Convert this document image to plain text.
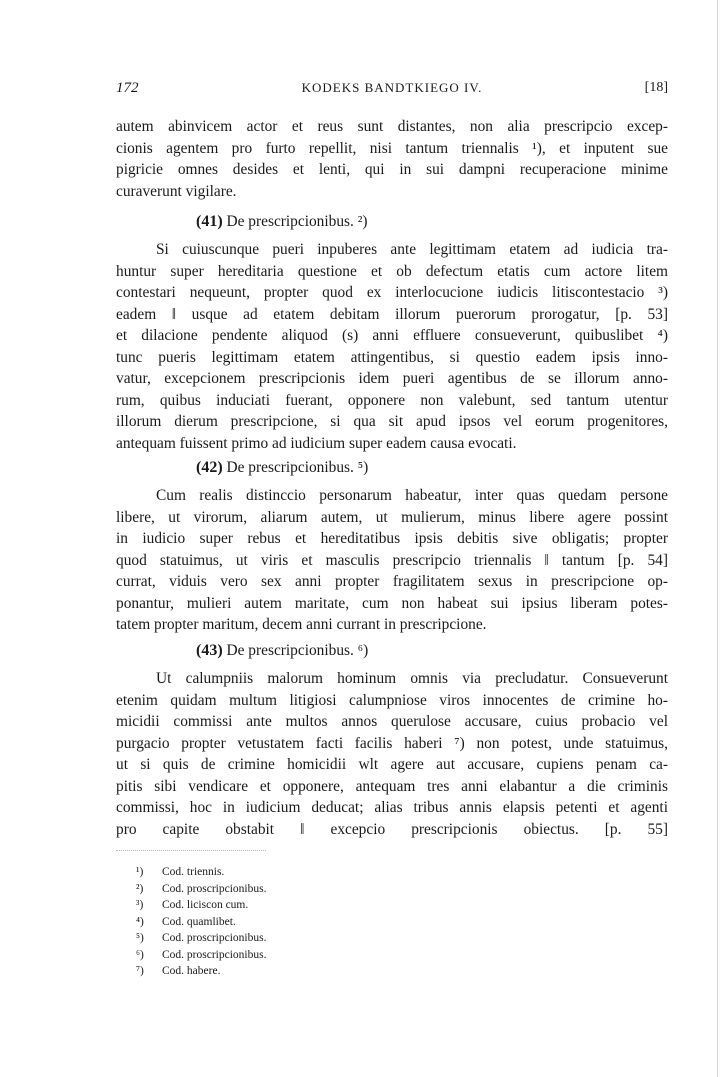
172	KODEKS BANDTKIEGO IV.	[18]
autem abinvicem actor et reus sunt distantes, non alia prescripcio excep-
cionis agentem pro furto repellit, nisi tantum triennalis ¹), et inputent sue
pigricie omnes desides et lenti, qui in sui dampni recuperacione minime
curaverunt vigilare.
(41) De prescripcionibus. ²)
Si cuiuscunque pueri inpuberes ante legittimam etatem ad iudicia tra-
huntur super hereditaria questione et ob defectum etatis cum actore litem
contestari nequeunt, propter quod ex interlocucione iudicis litiscontestacio ³)
eadem ‖ usque ad etatem debitam illorum puerorum prorogatur, [p. 53]
et dilacione pendente aliquod (s) anni effluere consueverunt, quibuslibet ⁴)
tunc pueris legittimam etatem attingentibus, si questio eadem ipsis inno-
vatur, excepcionem prescripcionis idem pueri agentibus de se illorum anno-
rum, quibus induciati fuerant, opponere non valebunt, sed tantum utentur
illorum dierum prescripcione, si qua sit apud ipsos vel eorum progenitores,
antequam fuissent primo ad iudicium super eadem causa evocati.
(42) De prescripcionibus. ⁵)
Cum realis distinccio personarum habeatur, inter quas quedam persone
libere, ut virorum, aliarum autem, ut mulierum, minus libere agere possint
in iudicio super rebus et hereditatibus ipsis debitis sive obligatis; propter
quod statuimus, ut viris et masculis prescripcio triennalis ‖ tantum [p. 54]
currat, viduis vero sex anni propter fragilitatem sexus in prescripcione op-
ponantur, mulieri autem maritate, cum non habeat sui ipsius liberam potes-
tatem propter maritum, decem anni currant in prescripcione.
(43) De prescripcionibus. ⁶)
Ut calumpniis malorum hominum omnis via precludatur. Consueverunt
etenim quidam multum litigiosi calumpniose viros innocentes de crimine ho-
micidii commissi ante multos annos querulose accusare, cuius probacio vel
purgacio propter vetustatem facti facilis haberi ⁷) non potest, unde statuimus,
ut si quis de crimine homicidii wlt agere aut accusare, cupiens penam ca-
pitis sibi vendicare et opponere, antequam tres anni elabantur a die criminis
commissi, hoc in iudicium deducat; alias tribus annis elapsis petenti et agenti
pro capite obstabit ‖ excepcio prescripcionis obiectus. [p. 55]
¹) Cod. triennis.
²) Cod. proscripcionibus.
³) Cod. liciscon cum.
⁴) Cod. quamlibet.
⁵) Cod. proscripcionibus.
⁶) Cod. proscripcionibus.
⁷) Cod. habere.
